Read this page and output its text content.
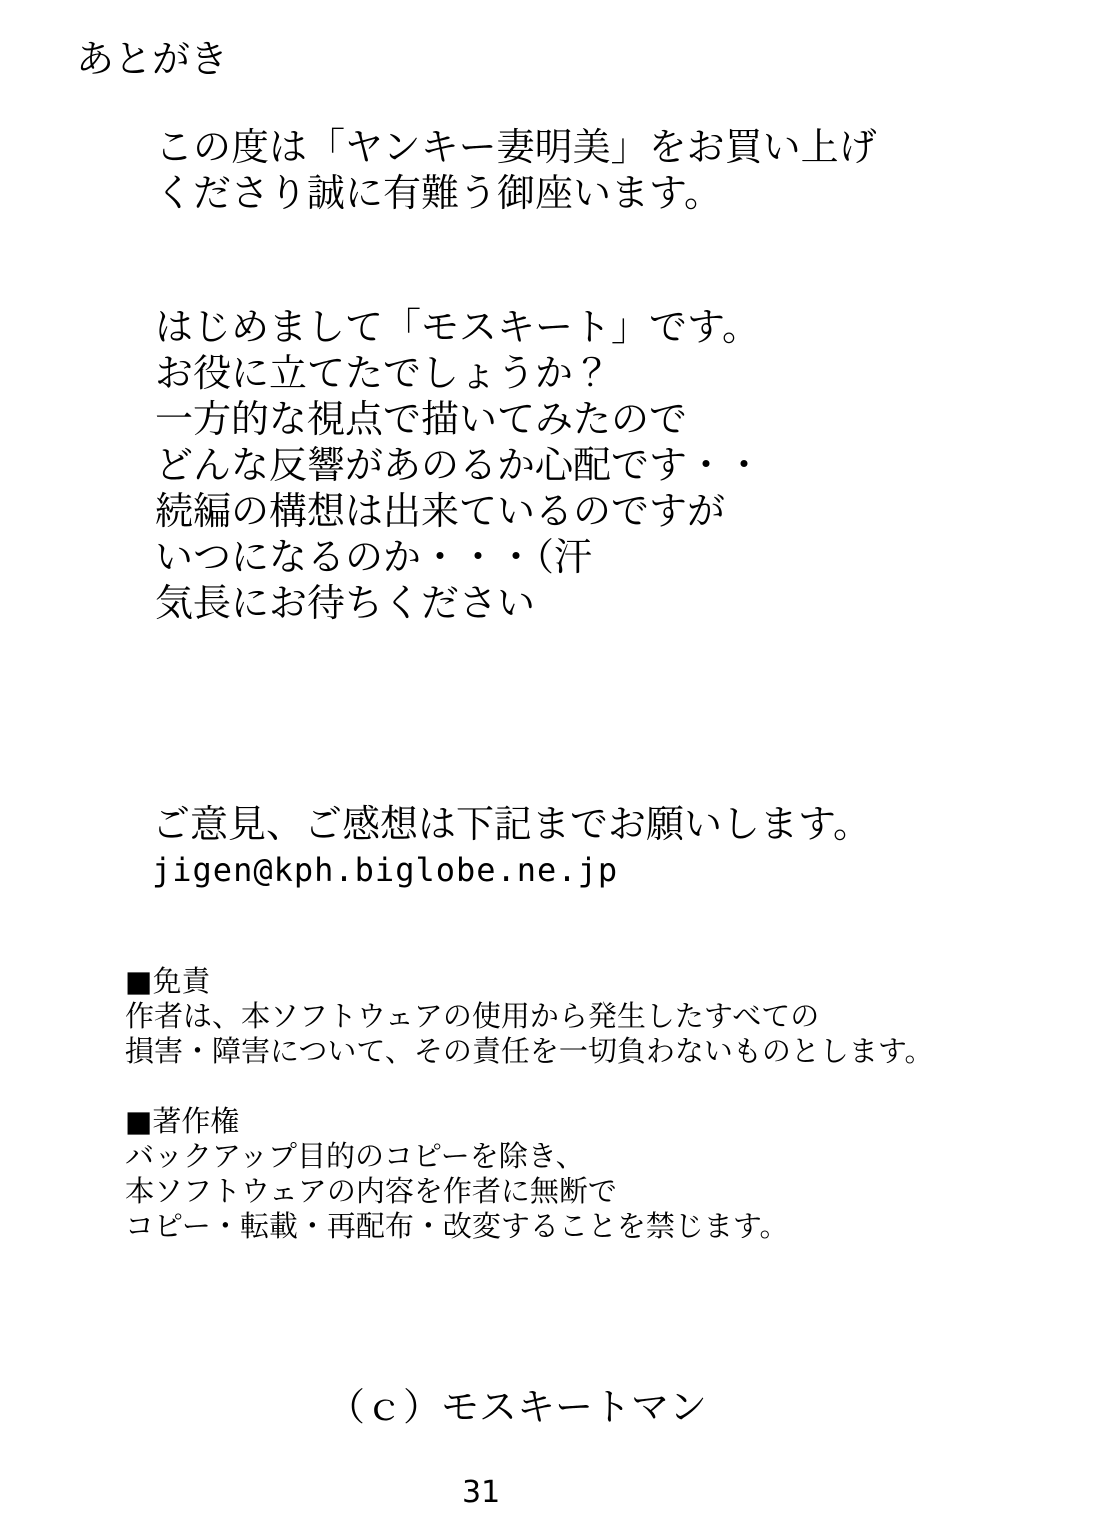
あとがき
この度は「ヤンキー妻明美」をお買い上げ
くださり誠に有難う御座います。
はじめまして「モスキート」です。
お役に立てたでしょうか？
一方的な視点で描いてみたので
どんな反響があのるか心配です・・
続編の構想は出来ているのですが
いつになるのか・・・（汗
気長にお待ちください
ご意見、ご感想は下記までお願いします。
jigen@kph.biglobe.ne.jp
■免責
作者は、本ソフトウェアの使用から発生したすべての
損害・障害について、その責任を一切負わないものとします。
■著作権
バックアップ目的のコピーを除き、
本ソフトウェアの内容を作者に無断で
コピー・転載・再配布・改変することを禁じます。
（ｃ）モスキートマン
31
